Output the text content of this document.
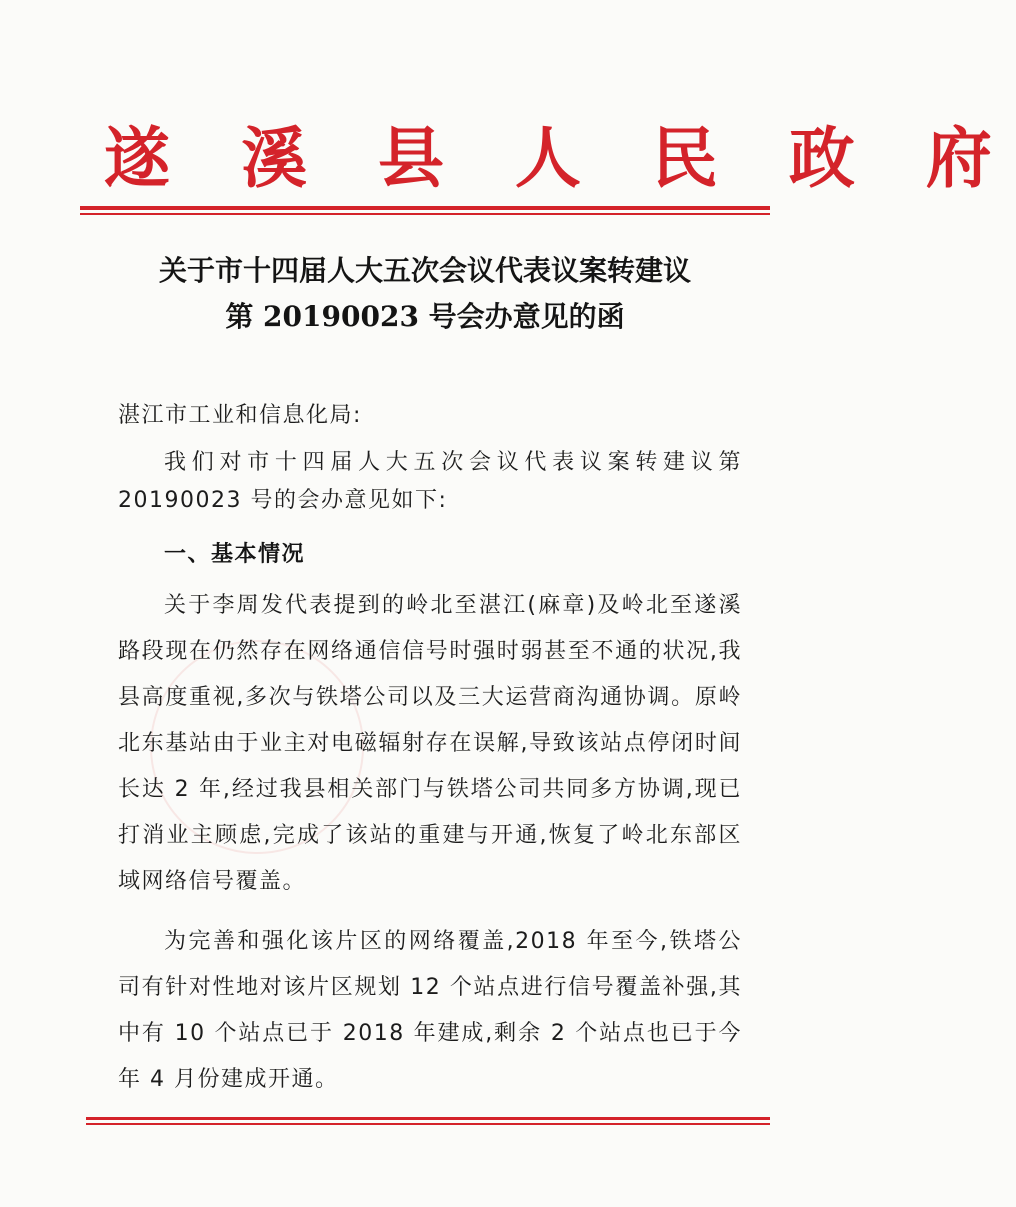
遂 溪 县 人 民 政 府
关于市十四届人大五次会议代表议案转建议
第 20190023 号会办意见的函
湛江市工业和信息化局:
我们对市十四届人大五次会议代表议案转建议第 20190023 号的会办意见如下:
一、基本情况
关于李周发代表提到的岭北至湛江(麻章)及岭北至遂溪路段现在仍然存在网络通信信号时强时弱甚至不通的状况,我县高度重视,多次与铁塔公司以及三大运营商沟通协调。原岭北东基站由于业主对电磁辐射存在误解,导致该站点停闭时间长达 2 年,经过我县相关部门与铁塔公司共同多方协调,现已打消业主顾虑,完成了该站的重建与开通,恢复了岭北东部区域网络信号覆盖。
为完善和强化该片区的网络覆盖,2018 年至今,铁塔公司有针对性地对该片区规划 12 个站点进行信号覆盖补强,其中有 10 个站点已于 2018 年建成,剩余 2 个站点也已于今年 4 月份建成开通。
